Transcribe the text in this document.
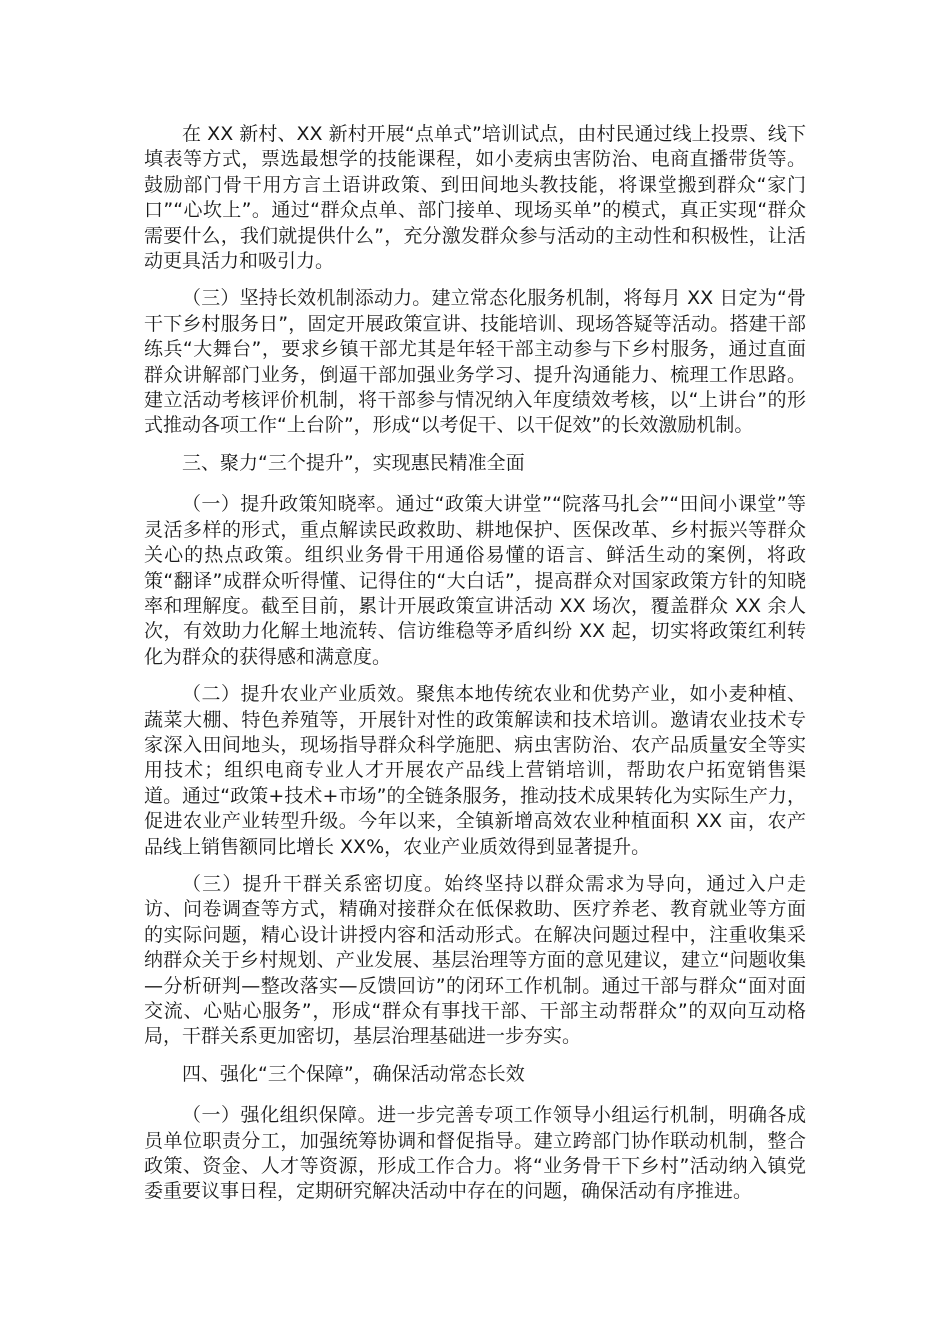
在 XX 新村、XX 新村开展“点单式”培训试点，由村民通过线上投票、线下填表等方式，票选最想学的技能课程，如小麦病虫害防治、电商直播带货等。鼓励部门骨干用方言土语讲政策、到田间地头教技能，将课堂搬到群众“家门口”“心坎上”。通过“群众点单、部门接单、现场买单”的模式，真正实现“群众需要什么，我们就提供什么”，充分激发群众参与活动的主动性和积极性，让活动更具活力和吸引力。

（三）坚持长效机制添动力。建立常态化服务机制，将每月 XX 日定为“骨干下乡村服务日”，固定开展政策宣讲、技能培训、现场答疑等活动。搭建干部练兵“大舞台”，要求乡镇干部尤其是年轻干部主动参与下乡村服务，通过直面群众讲解部门业务，倒逼干部加强业务学习、提升沟通能力、梳理工作思路。建立活动考核评价机制，将干部参与情况纳入年度绩效考核，以“上讲台”的形式推动各项工作“上台阶”，形成“以考促干、以干促效”的长效激励机制。

三、聚力“三个提升”，实现惠民精准全面

（一）提升政策知晓率。通过“政策大讲堂”“院落马扎会”“田间小课堂”等灵活多样的形式，重点解读民政救助、耕地保护、医保改革、乡村振兴等群众关心的热点政策。组织业务骨干用通俗易懂的语言、鲜活生动的案例，将政策“翻译”成群众听得懂、记得住的“大白话”，提高群众对国家政策方针的知晓率和理解度。截至目前，累计开展政策宣讲活动 XX 场次，覆盖群众 XX 余人次，有效助力化解土地流转、信访维稳等矛盾纠纷 XX 起，切实将政策红利转化为群众的获得感和满意度。

（二）提升农业产业质效。聚焦本地传统农业和优势产业，如小麦种植、蔬菜大棚、特色养殖等，开展针对性的政策解读和技术培训。邀请农业技术专家深入田间地头，现场指导群众科学施肥、病虫害防治、农产品质量安全等实用技术；组织电商专业人才开展农产品线上营销培训，帮助农户拓宽销售渠道。通过“政策+技术+市场”的全链条服务，推动技术成果转化为实际生产力，促进农业产业转型升级。今年以来，全镇新增高效农业种植面积 XX 亩，农产品线上销售额同比增长 XX%，农业产业质效得到显著提升。

（三）提升干群关系密切度。始终坚持以群众需求为导向，通过入户走访、问卷调查等方式，精确对接群众在低保救助、医疗养老、教育就业等方面的实际问题，精心设计讲授内容和活动形式。在解决问题过程中，注重收集采纳群众关于乡村规划、产业发展、基层治理等方面的意见建议，建立“问题收集—分析研判—整改落实—反馈回访”的闭环工作机制。通过干部与群众“面对面交流、心贴心服务”，形成“群众有事找干部、干部主动帮群众”的双向互动格局，干群关系更加密切，基层治理基础进一步夯实。

四、强化“三个保障”，确保活动常态长效

（一）强化组织保障。进一步完善专项工作领导小组运行机制，明确各成员单位职责分工，加强统筹协调和督促指导。建立跨部门协作联动机制，整合政策、资金、人才等资源，形成工作合力。将“业务骨干下乡村”活动纳入镇党委重要议事日程，定期研究解决活动中存在的问题，确保活动有序推进。
